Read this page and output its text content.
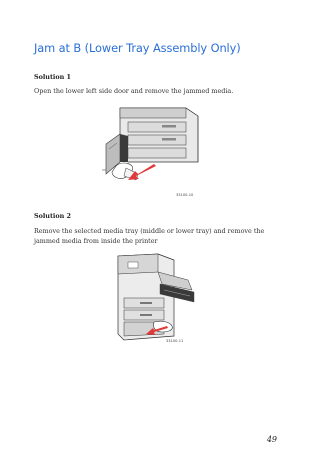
Jam at B (Lower Tray Assembly Only)
Solution 1
Open the lower left side door and remove the jammed media.
33100-10
Solution 2
Remove the selected media tray (middle or lower tray) and remove the jammed media from inside the printer
33100-11
49
